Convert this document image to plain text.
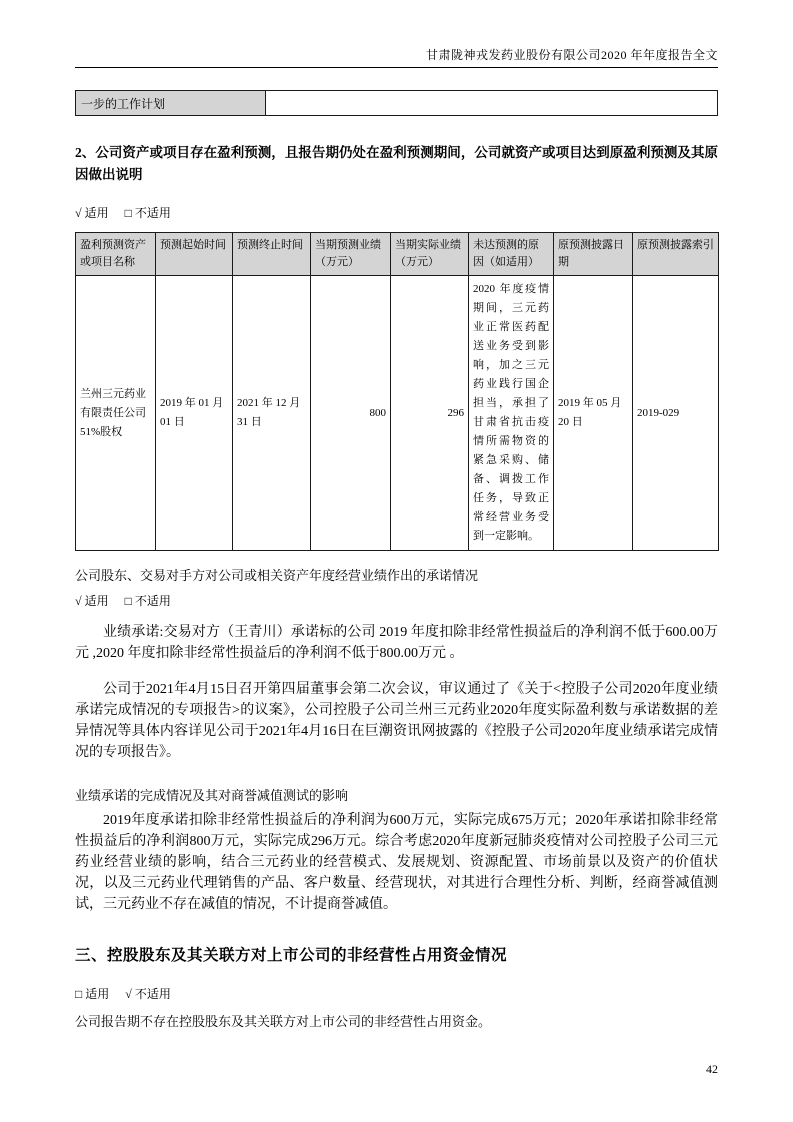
甘肃陇神戎发药业股份有限公司2020 年年度报告全文
一步的工作计划	
2、公司资产或项目存在盈利预测，且报告期仍处在盈利预测期间，公司就资产或项目达到原盈利预测及其原因做出说明
√ 适用 □ 不适用
盈利预测资产或项目名称	预测起始时间	预测终止时间	当期预测业绩（万元）	当期实际业绩（万元）	未达预测的原因（如适用）	原预测披露日期	原预测披露索引
兰州三元药业有限责任公司51%股权	2019 年 01 月 01 日	2021 年 12 月 31 日	800	296	2020 年度疫情期间，三元药业正常医药配送业务受到影响，加之三元药业践行国企担当，承担了甘肃省抗击疫情所需物资的紧急采购、储备、调拨工作任务，导致正常经营业务受到一定影响。	2019 年 05 月 20 日	2019-029

公司股东、交易对手方对公司或相关资产年度经营业绩作出的承诺情况

√ 适用 □ 不适用

业绩承诺:交易对方（王青川）承诺标的公司 2019 年度扣除非经常性损益后的净利润不低于600.00万元 ,2020 年度扣除非经常性损益后的净利润不低于800.00万元 。

公司于2021年4月15日召开第四届董事会第二次会议，审议通过了《关于<控股子公司2020年度业绩承诺完成情况的专项报告>的议案》，公司控股子公司兰州三元药业2020年度实际盈利数与承诺数据的差异情况等具体内容详见公司于2021年4月16日在巨潮资讯网披露的《控股子公司2020年度业绩承诺完成情况的专项报告》。

业绩承诺的完成情况及其对商誉减值测试的影响

2019年度承诺扣除非经常性损益后的净利润为600万元，实际完成675万元；2020年承诺扣除非经常性损益后的净利润800万元，实际完成296万元。综合考虑2020年度新冠肺炎疫情对公司控股子公司三元药业经营业绩的影响，结合三元药业的经营模式、发展规划、资源配置、市场前景以及资产的价值状况，以及三元药业代理销售的产品、客户数量、经营现状，对其进行合理性分析、判断，经商誉减值测试，三元药业不存在减值的情况，不计提商誉减值。

三、控股股东及其关联方对上市公司的非经营性占用资金情况
□ 适用 √ 不适用

公司报告期不存在控股股东及其关联方对上市公司的非经营性占用资金。

42
